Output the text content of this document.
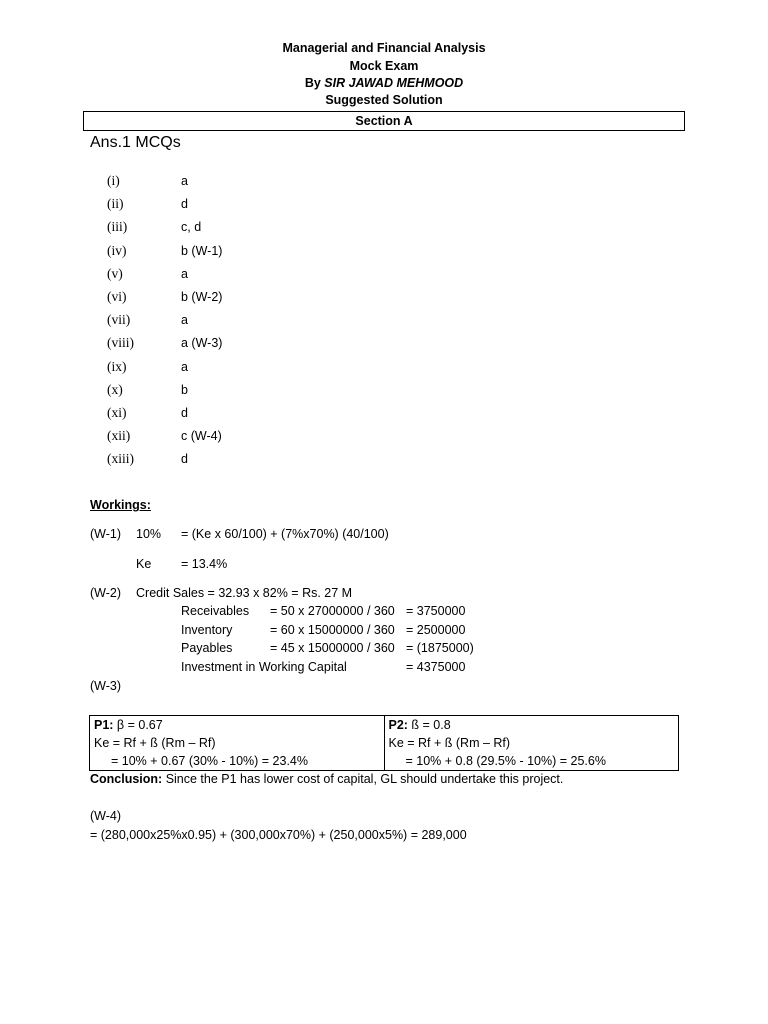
Managerial and Financial Analysis
Mock Exam
By SIR JAWAD MEHMOOD
Suggested Solution
Section A
Ans.1 MCQs
(i)	a
(ii)	d
(iii)	c, d
(iv)	b (W-1)
(v)	a
(vi)	b (W-2)
(vii)	a
(viii)	a (W-3)
(ix)	a
(x)	b
(xi)	d
(xii)	c (W-4)
(xiii)	d
Workings:
(W-1) 10% = (Ke x 60/100) + (7%x70%) (40/100)
Ke = 13.4%
(W-2) Credit Sales = 32.93 x 82% = Rs. 27 M
Receivables = 50 x 27000000 / 360 = 3750000
Inventory	= 60 x 15000000 / 360 = 2500000
Payables	= 45 x 15000000 / 360 = (1875000)
Investment in Working Capital	= 4375000
(W-3)
P1: β = 0.67
Ke = Rf + ß (Rm – Rf)
= 10% + 0.67 (30% - 10%) = 23.4%

P2: ß = 0.8
Ke = Rf + ß (Rm – Rf)
= 10% + 0.8 (29.5% - 10%) = 25.6%
Conclusion: Since the P1 has lower cost of capital, GL should undertake this project.
(W-4)
= (280,000x25%x0.95) + (300,000x70%) + (250,000x5%) = 289,000
